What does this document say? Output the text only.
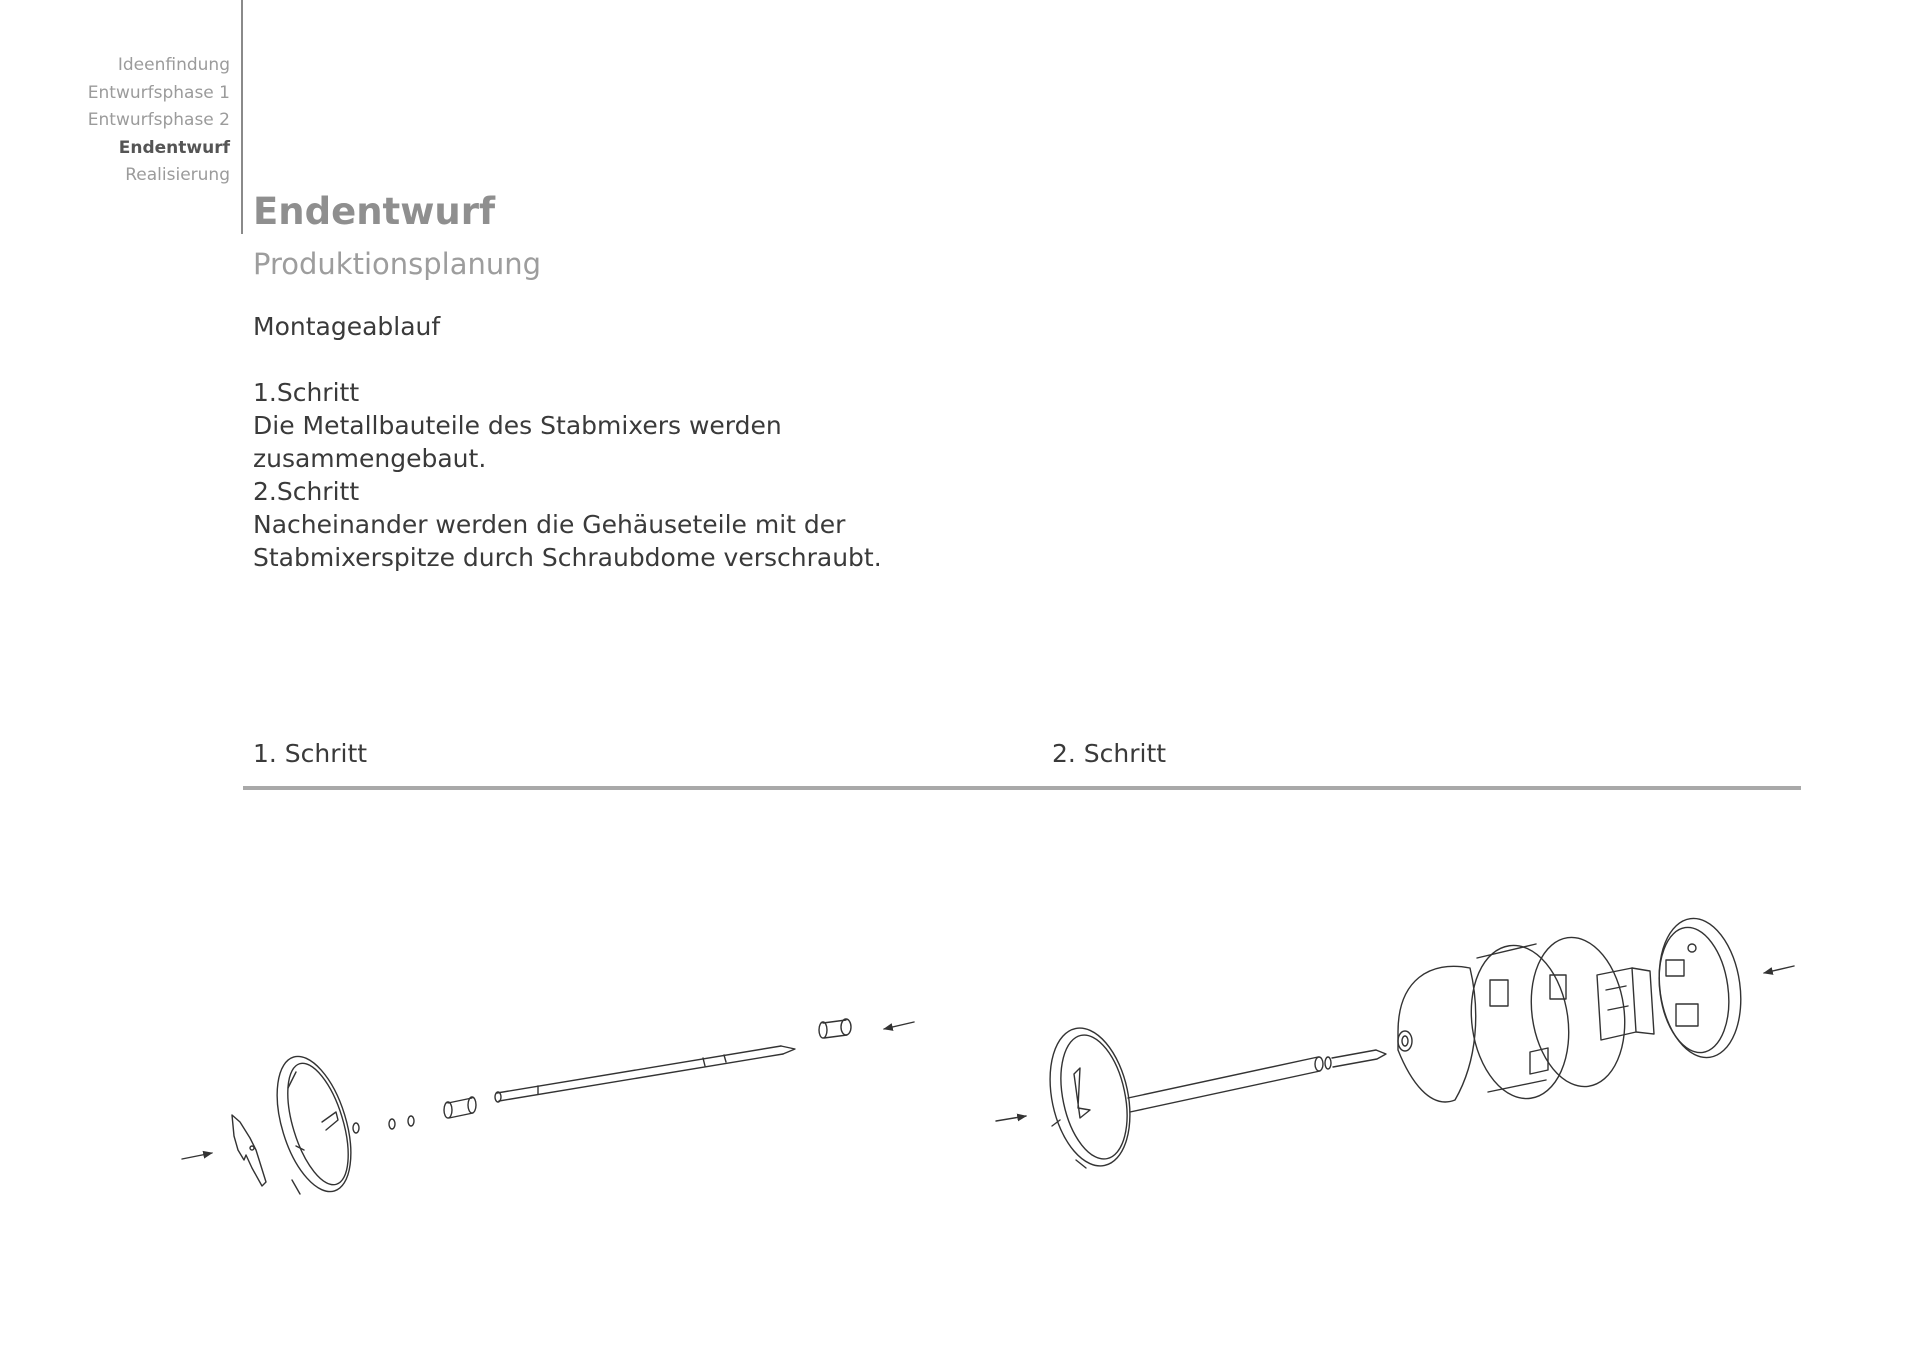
Ideenfindung
Entwurfsphase 1
Entwurfsphase 2
Endentwurf
Realisierung
Endentwurf
Produktionsplanung

Montageablauf

1.Schritt

Die Metallbauteile des Stabmixers werden

zusammengebaut.

2.Schritt

Nacheinander werden die Gehäuseteile mit der

Stabmixerspitze durch Schraubdome verschraubt.

1. Schritt	2. Schritt
